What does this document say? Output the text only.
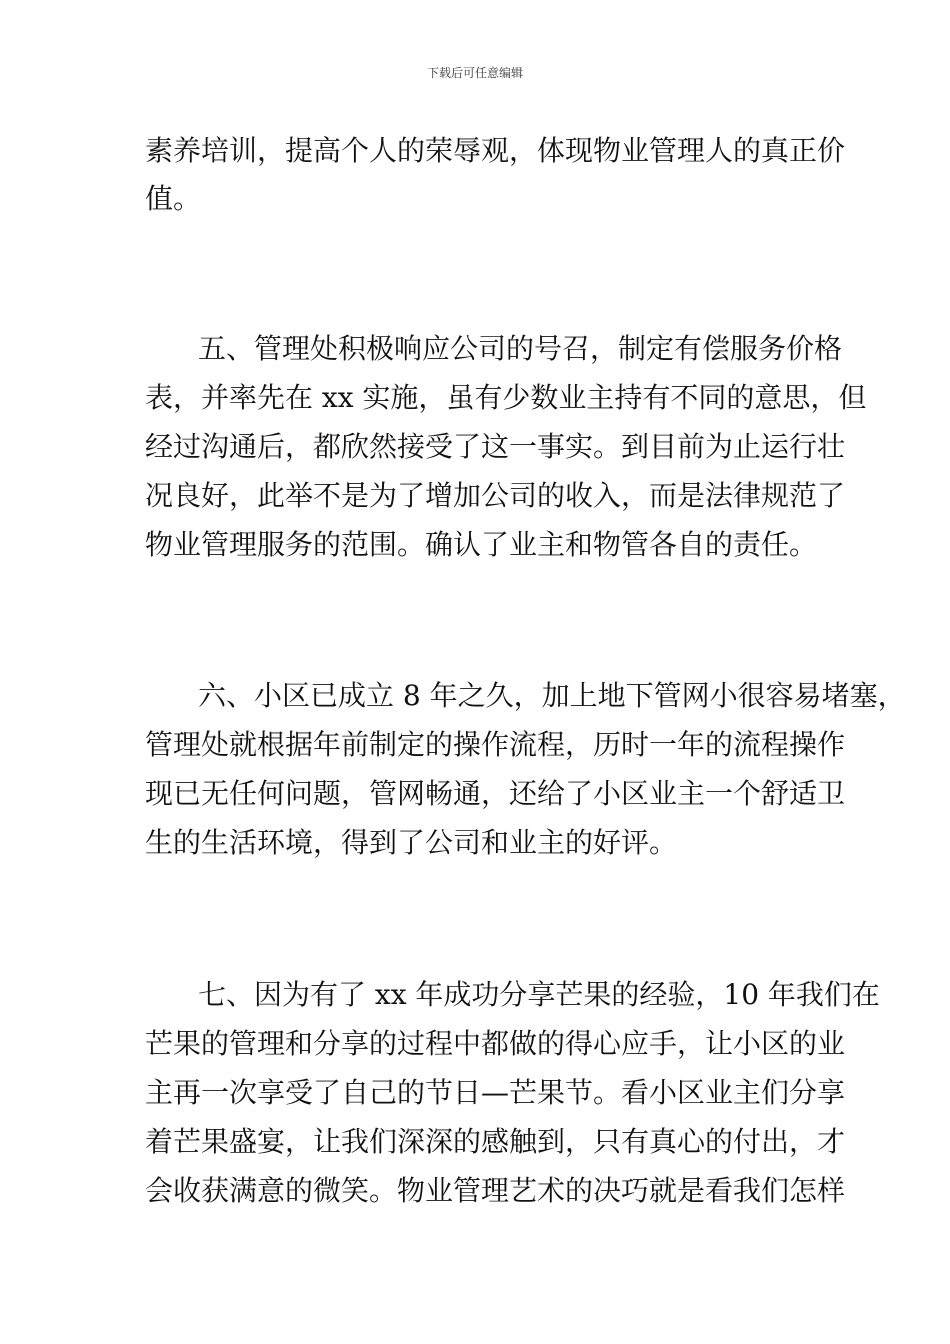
下载后可任意编辑
素养培训，提高个人的荣辱观，体现物业管理人的真正价
值。
五、管理处积极响应公司的号召，制定有偿服务价格
表，并率先在 xx 实施，虽有少数业主持有不同的意思，但
经过沟通后，都欣然接受了这一事实。到目前为止运行壮
况良好，此举不是为了增加公司的收入，而是法律规范了
物业管理服务的范围。确认了业主和物管各自的责任。
六、小区已成立 8 年之久，加上地下管网小很容易堵塞，
管理处就根据年前制定的操作流程，历时一年的流程操作
现已无任何问题，管网畅通，还给了小区业主一个舒适卫
生的生活环境，得到了公司和业主的好评。
七、因为有了 xx 年成功分享芒果的经验，10 年我们在
芒果的管理和分享的过程中都做的得心应手，让小区的业
主再一次享受了自己的节日—芒果节。看小区业主们分享
着芒果盛宴，让我们深深的感触到，只有真心的付出，才
会收获满意的微笑。物业管理艺术的决巧就是看我们怎样
